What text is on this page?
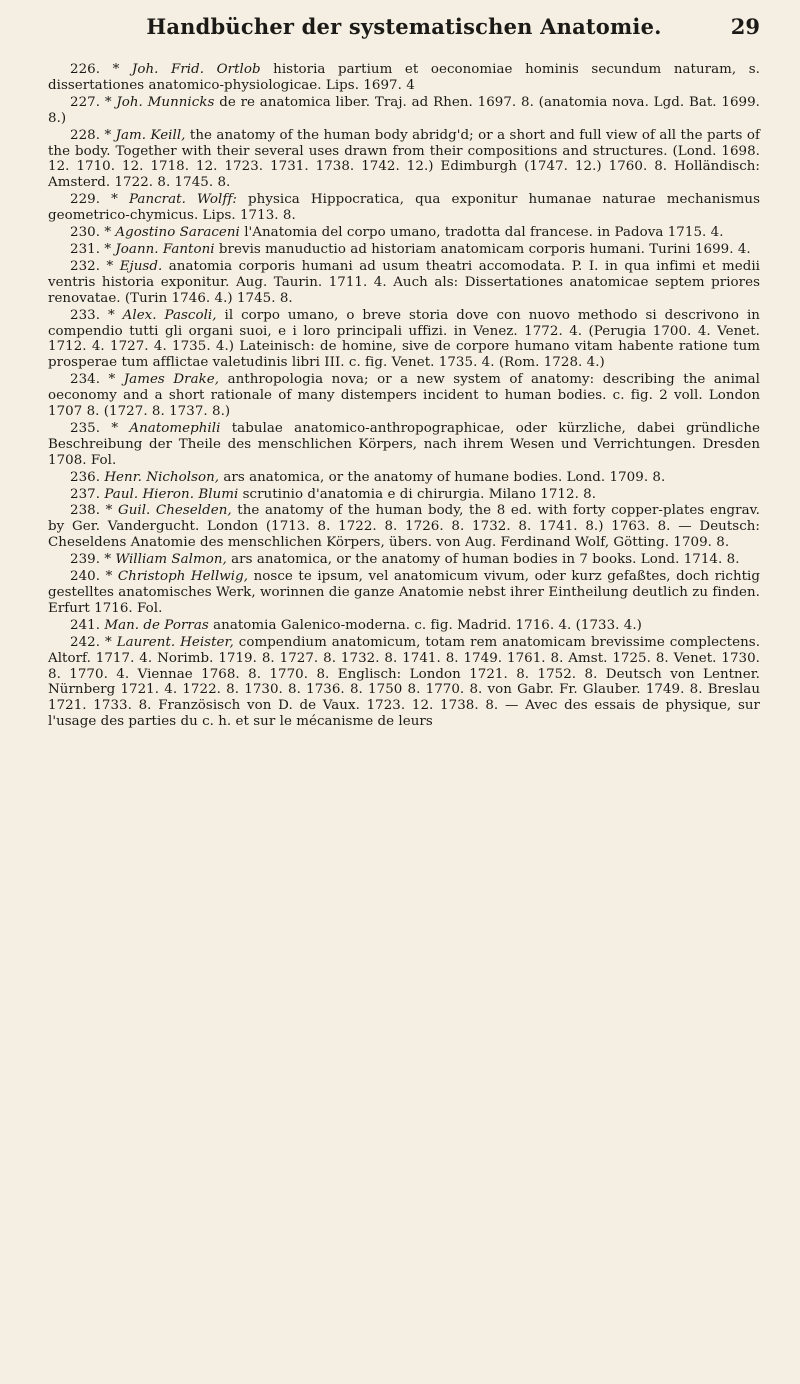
Handbücher der systematischen Anatomie.	29

226. * Joh. Frid. Ortlob historia partium et oeconomiae hominis secundum naturam, s. dissertationes anatomico-physiologicae. Lips. 1697. 4

227. * Joh. Munnicks de re anatomica liber. Traj. ad Rhen. 1697. 8. (anatomia nova. Lgd. Bat. 1699. 8.)

228. * Jam. Keill, the anatomy of the human body abridg'd; or a short and full view of all the parts of the body. Together with their several uses drawn from their compositions and structures. (Lond. 1698. 12. 1710. 12. 1718. 12. 1723. 1731. 1738. 1742. 12.) Edimburgh (1747. 12.) 1760. 8. Holländisch: Amsterd. 1722. 8. 1745. 8.

229. * Pancrat. Wolff: physica Hippocratica, qua exponitur humanae naturae mechanismus geometrico-chymicus. Lips. 1713. 8.

230. * Agostino Saraceni l'Anatomia del corpo umano, tradotta dal francese. in Padova 1715. 4.

231. * Joann. Fantoni brevis manuductio ad historiam anatomicam corporis humani. Turini 1699. 4.

232. * Ejusd. anatomia corporis humani ad usum theatri accomodata. P. I. in qua infimi et medii ventris historia exponitur. Aug. Taurin. 1711. 4. Auch als: Dissertationes anatomicae septem priores renovatae. (Turin 1746. 4.) 1745. 8.

233. * Alex. Pascoli, il corpo umano, o breve storia dove con nuovo methodo si descrivono in compendio tutti gli organi suoi, e i loro principali uffizi. in Venez. 1772. 4. (Perugia 1700. 4. Venet. 1712. 4. 1727. 4. 1735. 4.) Lateinisch: de homine, sive de corpore humano vitam habente ratione tum prosperae tum afflictae valetudinis libri III. c. fig. Venet. 1735. 4. (Rom. 1728. 4.)

234. * James Drake, anthropologia nova; or a new system of anatomy: describing the animal oeconomy and a short rationale of many distempers incident to human bodies. c. fig. 2 voll. London 1707 8. (1727. 8. 1737. 8.)

235. * Anatomephili tabulae anatomico-anthropographicae, oder kürzliche, dabei gründliche Beschreibung der Theile des menschlichen Körpers, nach ihrem Wesen und Verrichtungen. Dresden 1708. Fol.

236. Henr. Nicholson, ars anatomica, or the anatomy of humane bodies. Lond. 1709. 8.

237. Paul. Hieron. Blumi scrutinio d'anatomia e di chirurgia. Milano 1712. 8.

238. * Guil. Cheselden, the anatomy of the human body, the 8 ed. with forty copper-plates engrav. by Ger. Vandergucht. London (1713. 8. 1722. 8. 1726. 8. 1732. 8. 1741. 8.) 1763. 8. — Deutsch: Cheseldens Anatomie des menschlichen Körpers, übers. von Aug. Ferdinand Wolf, Götting. 1709. 8.

239. * William Salmon, ars anatomica, or the anatomy of human bodies in 7 books. Lond. 1714. 8.

240. * Christoph Hellwig, nosce te ipsum, vel anatomicum vivum, oder kurz gefaßtes, doch richtig gestelltes anatomisches Werk, worinnen die ganze Anatomie nebst ihrer Eintheilung deutlich zu finden. Erfurt 1716. Fol.

241. Man. de Porras anatomia Galenico-moderna. c. fig. Madrid. 1716. 4. (1733. 4.)

242. * Laurent. Heister, compendium anatomicum, totam rem anatomicam brevissime complectens. Altorf. 1717. 4. Norimb. 1719. 8. 1727. 8. 1732. 8. 1741. 8. 1749. 1761. 8. Amst. 1725. 8. Venet. 1730. 8. 1770. 4. Viennae 1768. 8. 1770. 8. Englisch: London 1721. 8. 1752. 8. Deutsch von Lentner. Nürnberg 1721. 4. 1722. 8. 1730. 8. 1736. 8. 1750 8. 1770. 8. von Gabr. Fr. Glauber. 1749. 8. Breslau 1721. 1733. 8. Französisch von D. de Vaux. 1723. 12. 1738. 8. — Avec des essais de physique, sur l'usage des parties du c. h. et sur le mécanisme de leurs
